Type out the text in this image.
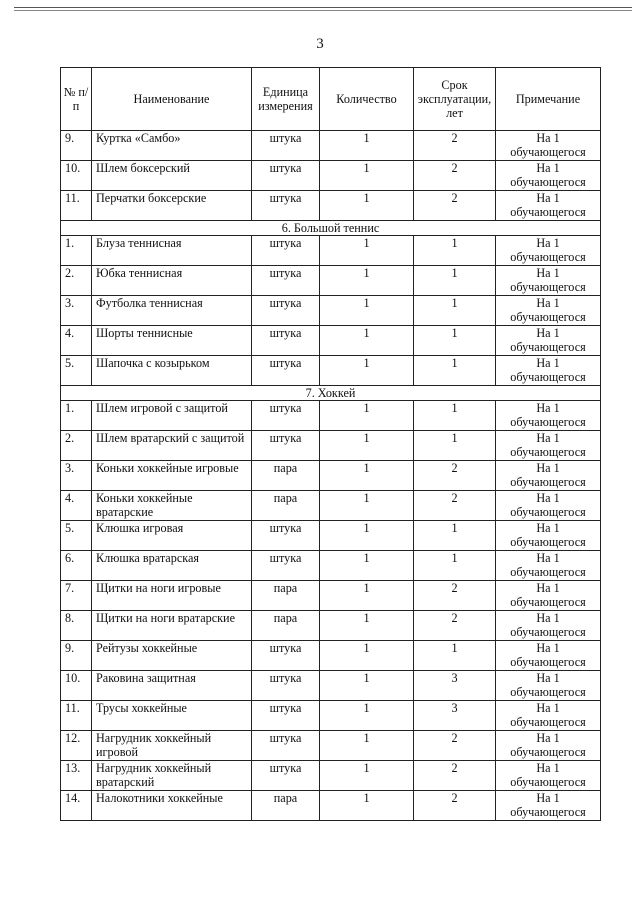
3
№ п/п	Наименование	Единица измерения	Количество	Срок эксплуатации, лет	Примечание
9.	Куртка «Самбо»	штука	1	2	На 1 обучающегося
10.	Шлем боксерский	штука	1	2	На 1 обучающегося
11.	Перчатки боксерские	штука	1	2	На 1 обучающегося
6. Большой теннис					
1.	Блуза теннисная	штука	1	1	На 1 обучающегося
2.	Юбка теннисная	штука	1	1	На 1 обучающегося
3.	Футболка теннисная	штука	1	1	На 1 обучающегося
4.	Шорты теннисные	штука	1	1	На 1 обучающегося
5.	Шапочка с козырьком	штука	1	1	На 1 обучающегося
7. Хоккей					
1.	Шлем игровой с защитой	штука	1	1	На 1 обучающегося
2.	Шлем вратарский с защитой	штука	1	1	На 1 обучающегося
3.	Коньки хоккейные игровые	пара	1	2	На 1 обучающегося
4.	Коньки хоккейные вратарские	пара	1	2	На 1 обучающегося
5.	Клюшка игровая	штука	1	1	На 1 обучающегося
6.	Клюшка вратарская	штука	1	1	На 1 обучающегося
7.	Щитки на ноги игровые	пара	1	2	На 1 обучающегося
8.	Щитки на ноги вратарские	пара	1	2	На 1 обучающегося
9.	Рейтузы хоккейные	штука	1	1	На 1 обучающегося
10.	Раковина защитная	штука	1	3	На 1 обучающегося
11.	Трусы хоккейные	штука	1	3	На 1 обучающегося
12.	Нагрудник хоккейный игровой	штука	1	2	На 1 обучающегося
13.	Нагрудник хоккейный вратарский	штука	1	2	На 1 обучающегося
14.	Налокотники хоккейные	пара	1	2	На 1 обучающегося
